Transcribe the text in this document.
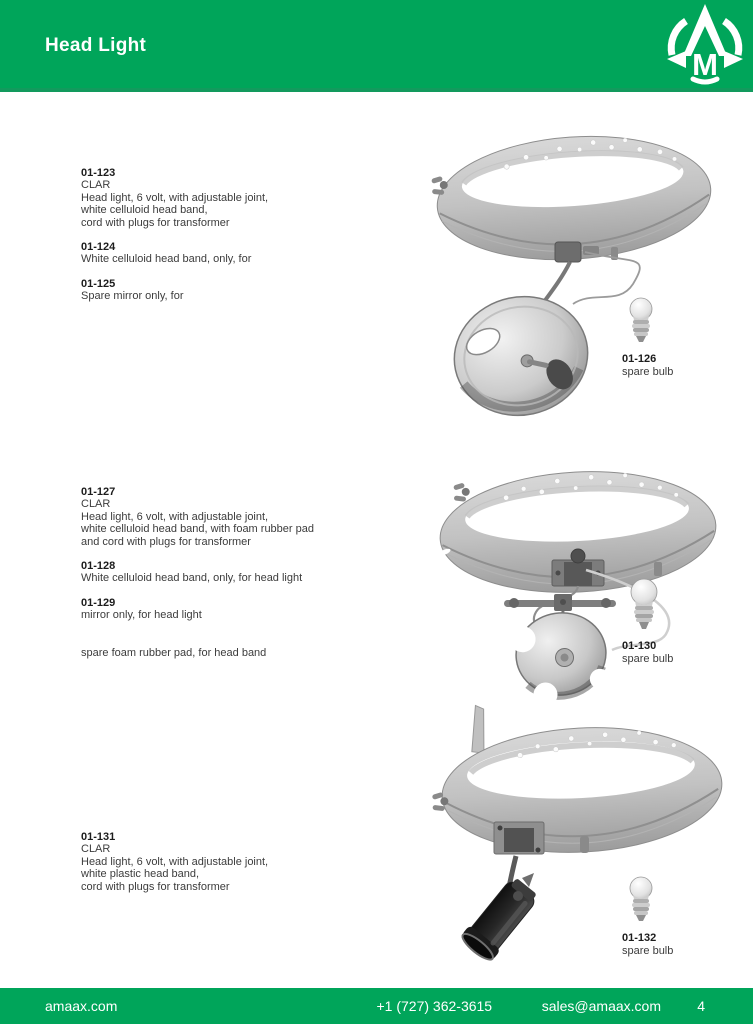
Head Light
M
01-123
CLAR
Head light, 6 volt, with adjustable joint,
white celluloid head band,
cord with plugs for transformer
01-124
White celluloid head band, only, for
01-125
Spare mirror only, for
01-127
CLAR
Head light, 6 volt, with adjustable joint,
white celluloid head band, with foam rubber pad
and cord with plugs for transformer
01-128
White celluloid head band, only, for head light
01-129
mirror only, for head light
spare foam rubber pad, for head band
01-131
CLAR
Head light, 6 volt, with adjustable joint,
white plastic head band,
cord with plugs for transformer
01-126
spare bulb
01-130
spare bulb
01-132
spare bulb
amaax.com	+1 (727) 362-3615	sales@amaax.com	4
